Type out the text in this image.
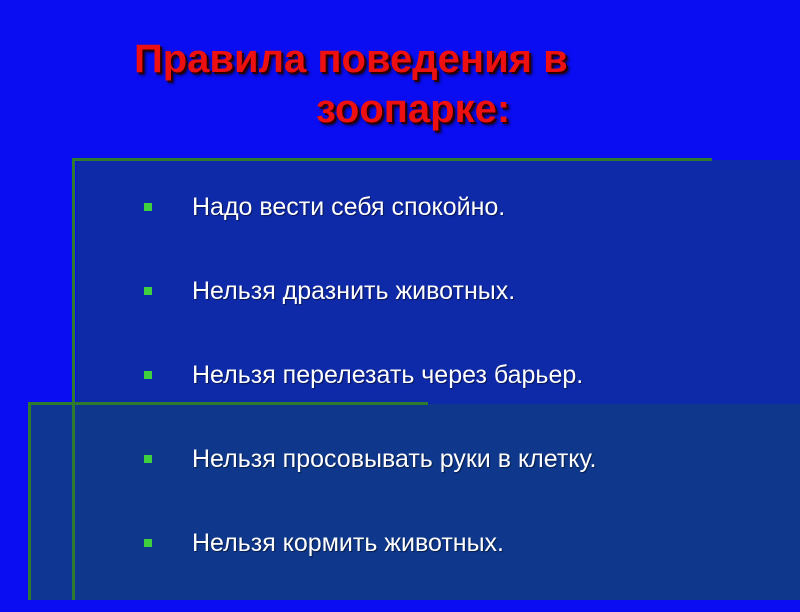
Правила поведения в
зоопарке:
Надо вести себя спокойно.
Нельзя дразнить животных.
Нельзя перелезать через барьер.
Нельзя просовывать руки в клетку.
Нельзя кормить животных.
